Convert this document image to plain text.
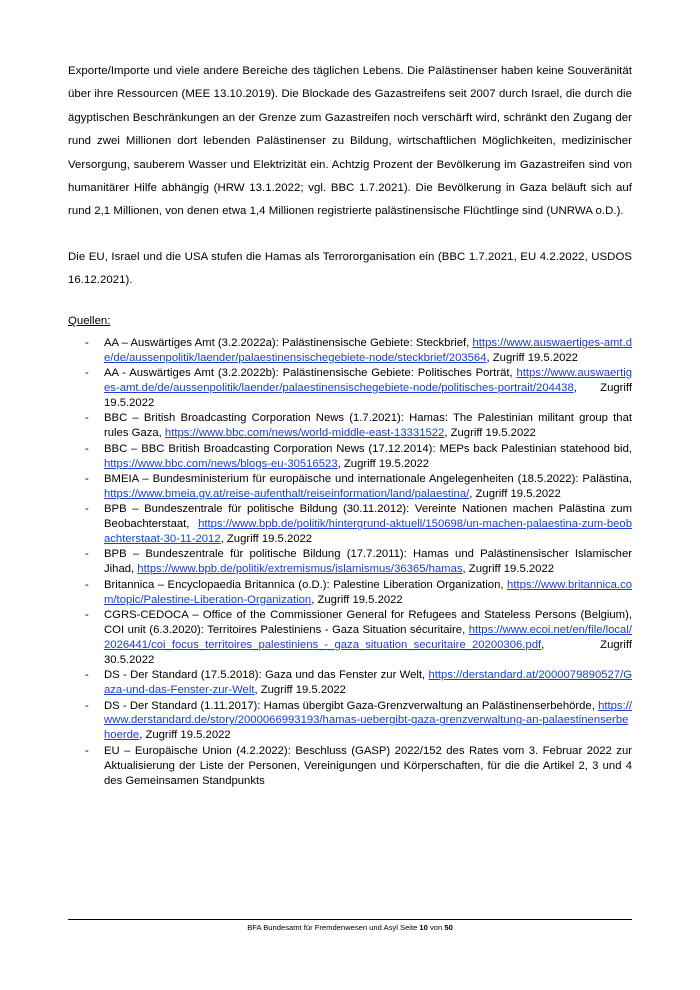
Exporte/Importe und viele andere Bereiche des täglichen Lebens. Die Palästinenser haben keine Souveränität über ihre Ressourcen (MEE 13.10.2019). Die Blockade des Gazastreifens seit 2007 durch Israel, die durch die ägyptischen Beschränkungen an der Grenze zum Gazastreifen noch verschärft wird, schränkt den Zugang der rund zwei Millionen dort lebenden Palästinenser zu Bildung, wirtschaftlichen Möglichkeiten, medizinischer Versorgung, sauberem Wasser und Elektrizität ein. Achtzig Prozent der Bevölkerung im Gazastreifen sind von humanitärer Hilfe abhängig (HRW 13.1.2022; vgl. BBC 1.7.2021). Die Bevölkerung in Gaza beläuft sich auf rund 2,1 Millionen, von denen etwa 1,4 Millionen registrierte palästinensische Flüchtlinge sind (UNRWA o.D.).

Die EU, Israel und die USA stufen die Hamas als Terrororganisation ein (BBC 1.7.2021, EU 4.2.2022, USDOS 16.12.2021).

Quellen:
- AA – Auswärtiges Amt (3.2.2022a): Palästinensische Gebiete: Steckbrief, https://www.auswaertiges-amt.de/de/aussenpolitik/laender/palaestinensischegebiete-node/steckbrief/203564, Zugriff 19.5.2022
- AA - Auswärtiges Amt (3.2.2022b): Palästinensische Gebiete: Politisches Porträt, https://www.auswaertiges-amt.de/de/aussenpolitik/laender/palaestinensischegebiete-node/politisches-portrait/204438, Zugriff 19.5.2022
- BBC – British Broadcasting Corporation News (1.7.2021): Hamas: The Palestinian militant group that rules Gaza, https://www.bbc.com/news/world-middle-east-13331522, Zugriff 19.5.2022
- BBC – BBC British Broadcasting Corporation News (17.12.2014): MEPs back Palestinian statehood bid, https://www.bbc.com/news/blogs-eu-30516523, Zugriff 19.5.2022
- BMEIA – Bundesministerium für europäische und internationale Angelegenheiten (18.5.2022): Palästina, https://www.bmeia.gv.at/reise-aufenthalt/reiseinformation/land/palaestina/, Zugriff 19.5.2022
- BPB – Bundeszentrale für politische Bildung (30.11.2012): Vereinte Nationen machen Palästina zum Beobachterstaat, https://www.bpb.de/politik/hintergrund-aktuell/150698/un-machen-palaestina-zum-beobachterstaat-30-11-2012, Zugriff 19.5.2022
- BPB – Bundeszentrale für politische Bildung (17.7.2011): Hamas und Palästinensischer Islamischer Jihad, https://www.bpb.de/politik/extremismus/islamismus/36365/hamas, Zugriff 19.5.2022
- Britannica – Encyclopaedia Britannica (o.D.): Palestine Liberation Organization, https://www.britannica.com/topic/Palestine-Liberation-Organization, Zugriff 19.5.2022
- CGRS-CEDOCA – Office of the Commissioner General for Refugees and Stateless Persons (Belgium), COI unit (6.3.2020): Territoires Palestiniens - Gaza Situation sécuritaire, https://www.ecoi.net/en/file/local/2026441/coi_focus_territoires_palestiniens_-_gaza_situation_securitaire_20200306.pdf, Zugriff 30.5.2022
- DS - Der Standard (17.5.2018): Gaza und das Fenster zur Welt, https://derstandard.at/2000079890527/Gaza-und-das-Fenster-zur-Welt, Zugriff 19.5.2022
- DS - Der Standard (1.11.2017): Hamas übergibt Gaza-Grenzverwaltung an Palästinenserbehörde, https://www.derstandard.de/story/2000066993193/hamas-uebergibt-gaza-grenzverwaltung-an-palaestinenserbehoerde, Zugriff 19.5.2022
- EU – Europäische Union (4.2.2022): Beschluss (GASP) 2022/152 des Rates vom 3. Februar 2022 zur Aktualisierung der Liste der Personen, Vereinigungen und Körperschaften, für die die Artikel 2, 3 und 4 des Gemeinsamen Standpunkts
BFA Bundesamt für Fremdenwesen und Asyl Seite 10 von 50
